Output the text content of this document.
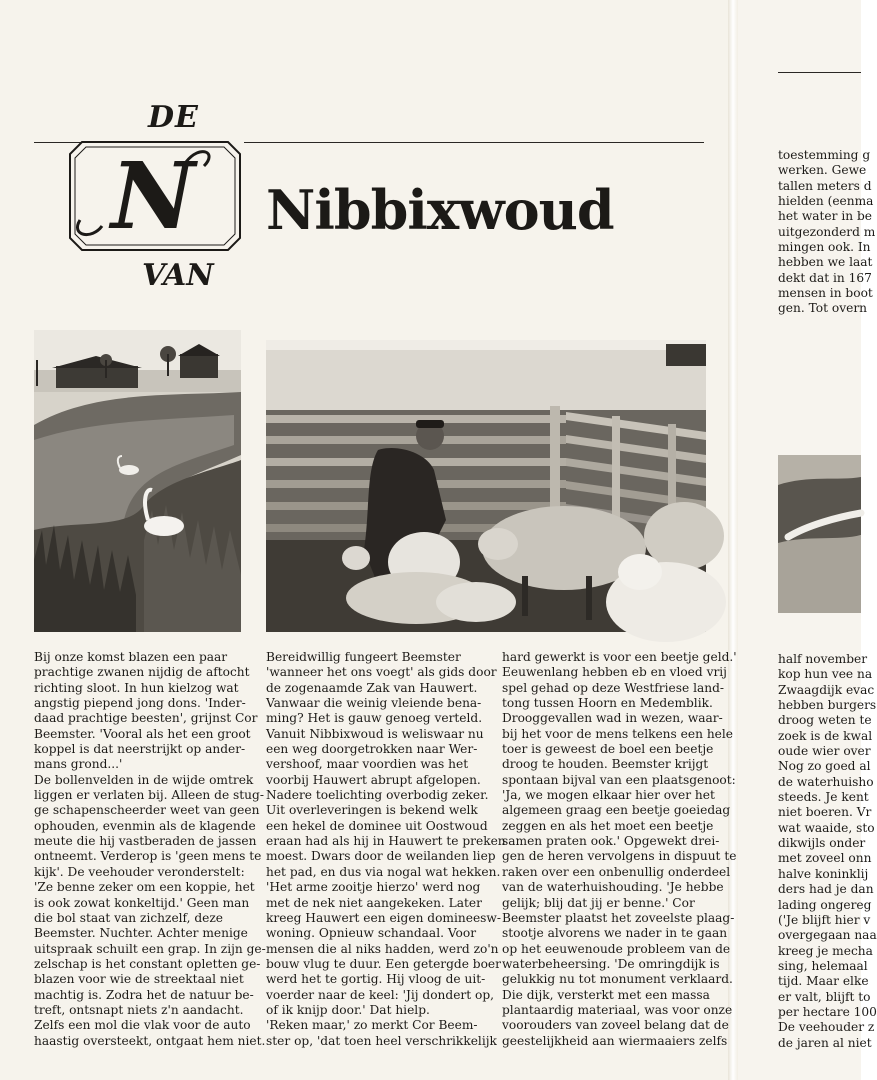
DE
N
VAN
Nibbixwoud
Bij onze komst blazen een paar
prachtige zwanen nijdig de aftocht
richting sloot. In hun kielzog wat
angstig piepend jong dons. 'Inder-
daad prachtige beesten', grijnst Cor
Beemster. 'Vooral als het een groot
koppel is dat neerstrijkt op ander-
mans grond...'
De bollenvelden in de wijde omtrek
liggen er verlaten bij. Alleen de stug-
ge schapenscheerder weet van geen
ophouden, evenmin als de klagende
meute die hij vastberaden de jassen
ontneemt. Verderop is 'geen mens te
kijk'. De veehouder veronderstelt:
'Ze benne zeker om een koppie, het
is ook zowat konkeltijd.' Geen man
die bol staat van zichzelf, deze
Beemster. Nuchter. Achter menige
uitspraak schuilt een grap. In zijn ge-
zelschap is het constant opletten ge-
blazen voor wie de streektaal niet
machtig is. Zodra het de natuur be-
treft, ontsnapt niets z'n aandacht.
Zelfs een mol die vlak voor de auto
haastig oversteekt, ontgaat hem niet.
Bereidwillig fungeert Beemster
'wanneer het ons voegt' als gids door
de zogenaamde Zak van Hauwert.
Vanwaar die weinig vleiende bena-
ming? Het is gauw genoeg verteld.
Vanuit Nibbixwoud is weliswaar nu
een weg doorgetrokken naar Wer-
vershoof, maar voordien was het
voorbij Hauwert abrupt afgelopen.
Nadere toelichting overbodig zeker.
Uit overleveringen is bekend welk
een hekel de dominee uit Oostwoud
eraan had als hij in Hauwert te preken
moest. Dwars door de weilanden liep
het pad, en dus via nogal wat hekken.
'Het arme zooitje hierzo' werd nog
met de nek niet aangekeken. Later
kreeg Hauwert een eigen domineesw-
woning. Opnieuw schandaal. Voor
mensen die al niks hadden, werd zo'n
bouw vlug te duur. Een getergde boer
werd het te gortig. Hij vloog de uit-
voerder naar de keel: 'Jij dondert op,
of ik knijp door.' Dat hielp.
'Reken maar,' zo merkt Cor Beem-
ster op, 'dat toen heel verschrikkelijk
hard gewerkt is voor een beetje geld.'
Eeuwenlang hebben eb en vloed vrij
spel gehad op deze Westfriese land-
tong tussen Hoorn en Medemblik.
Drooggevallen wad in wezen, waar-
bij het voor de mens telkens een hele
toer is geweest de boel een beetje
droog te houden. Beemster krijgt
spontaan bijval van een plaatsgenoot:
'Ja, we mogen elkaar hier over het
algemeen graag een beetje goeiedag
zeggen en als het moet een beetje
samen praten ook.' Opgewekt drei-
gen de heren vervolgens in dispuut te
raken over een onbenullig onderdeel
van de waterhuishouding. 'Je hebbe
gelijk; blij dat jij er benne.' Cor
Beemster plaatst het zoveelste plaag-
stootje alvorens we nader in te gaan
op het eeuwenoude probleem van de
waterbeheersing. 'De omringdijk is
gelukkig nu tot monument verklaard.
Die dijk, versterkt met een massa
plantaardig materiaal, was voor onze
voorouders van zoveel belang dat de
geestelijkheid aan wiermaaiers zelfs
toestemming g
werken. Gewe
tallen meters d
hielden (eenma
het water in be
uitgezonderd m
mingen ook. In
hebben we laat
dekt dat in 167
mensen in boot
gen. Tot overn
half november
kop hun vee na
Zwaagdijk evac
hebben burgers
droog weten te
zoek is de kwal
oude wier over
Nog zo goed al
de waterhuisho
steeds. Je kent
niet boeren. Vr
wat waaide, sto
dikwijls onder
met zoveel onn
halve koninklij
ders had je dan
lading ongereg
('Je blijft hier v
overgegaan naa
kreeg je mecha
sing, helemaal
tijd. Maar elke
er valt, blijft to
per hectare 100
De veehouder z
de jaren al niet
